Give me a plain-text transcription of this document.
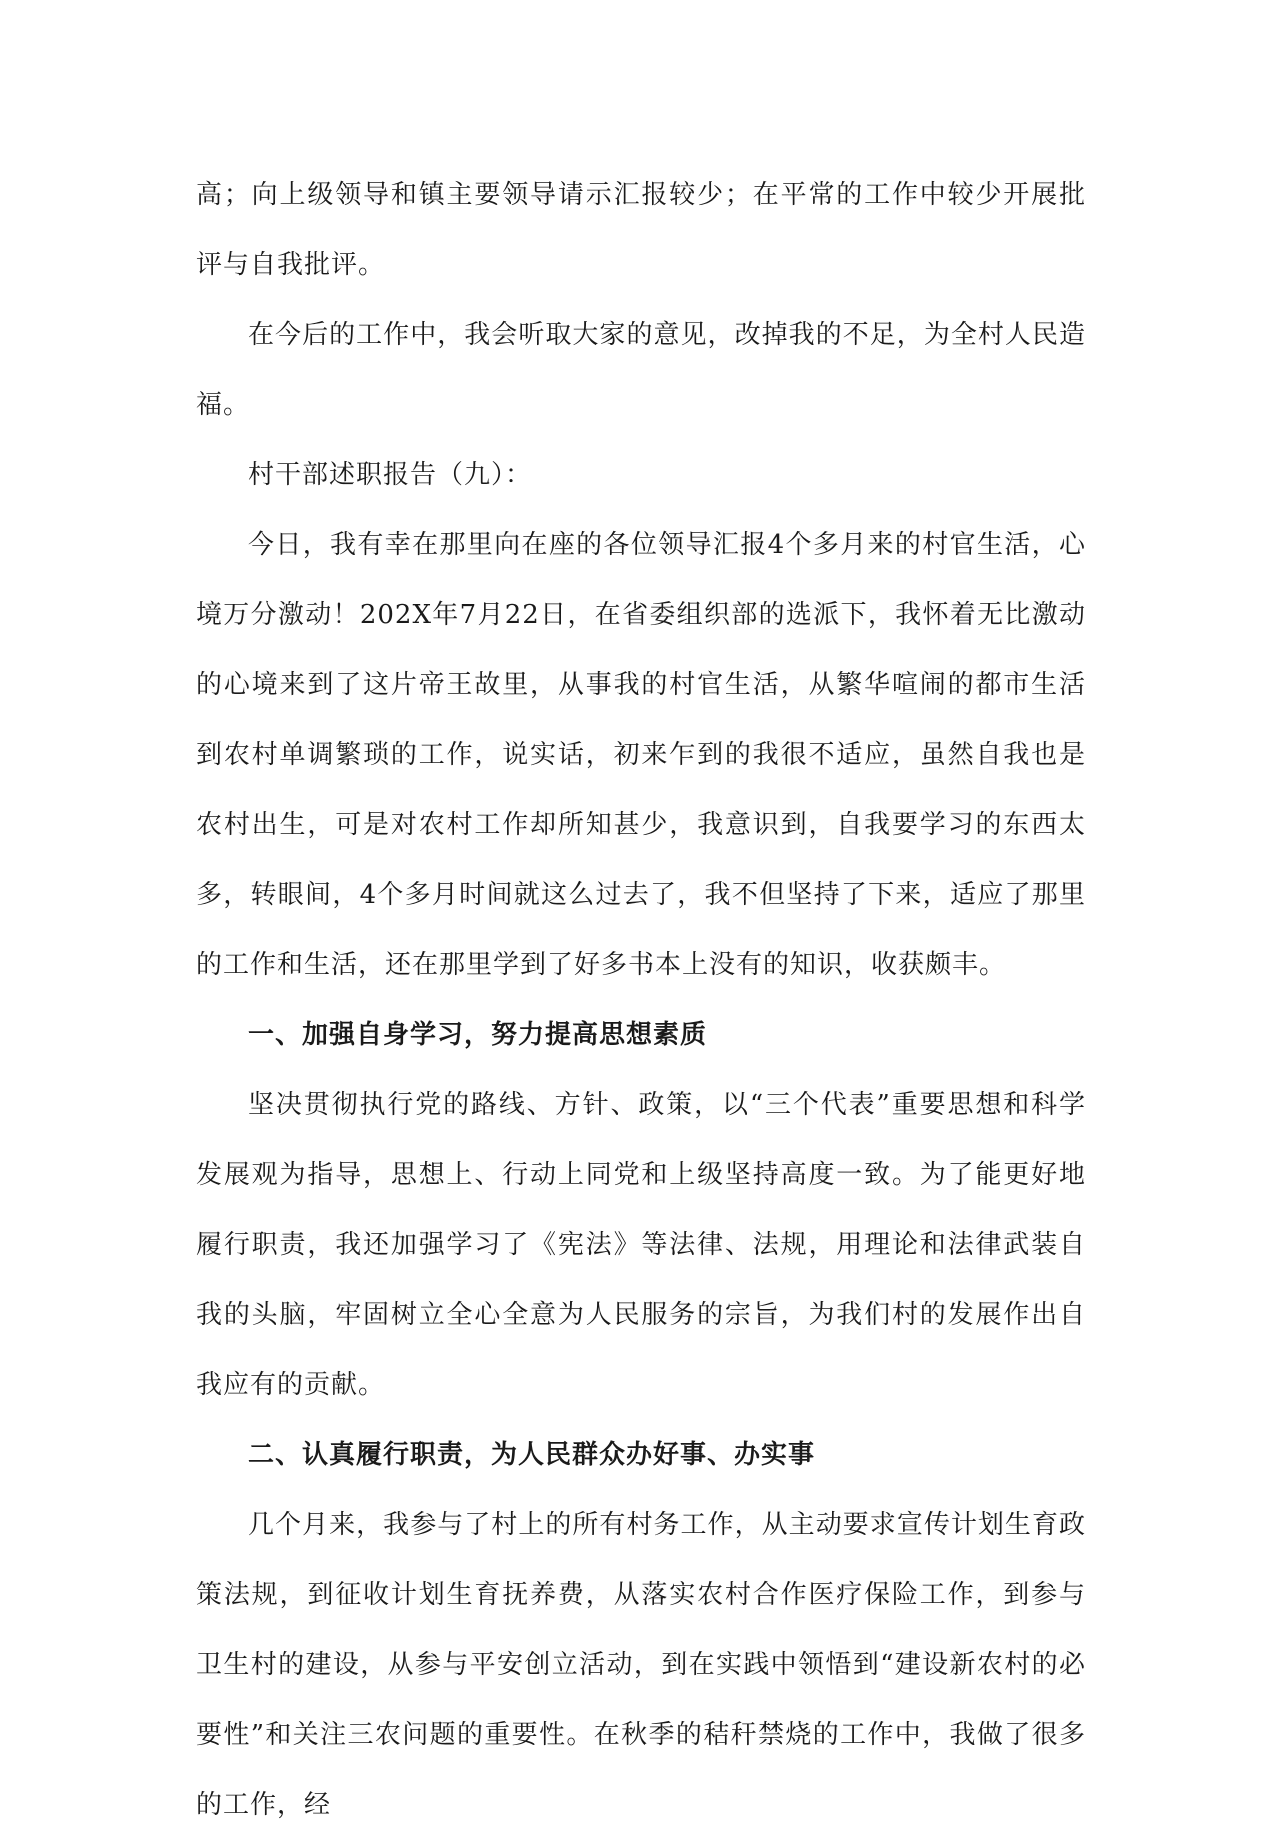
高；向上级领导和镇主要领导请示汇报较少；在平常的工作中较少开展批评与自我批评。

在今后的工作中，我会听取大家的意见，改掉我的不足，为全村人民造福。

村干部述职报告（九）：

今日，我有幸在那里向在座的各位领导汇报4个多月来的村官生活，心境万分激动！202X年7月22日，在省委组织部的选派下，我怀着无比激动的心境来到了这片帝王故里，从事我的村官生活，从繁华喧闹的都市生活到农村单调繁琐的工作，说实话，初来乍到的我很不适应，虽然自我也是农村出生，可是对农村工作却所知甚少，我意识到，自我要学习的东西太多，转眼间，4个多月时间就这么过去了，我不但坚持了下来，适应了那里的工作和生活，还在那里学到了好多书本上没有的知识，收获颇丰。

一、加强自身学习，努力提高思想素质

坚决贯彻执行党的路线、方针、政策，以“三个代表”重要思想和科学发展观为指导，思想上、行动上同党和上级坚持高度一致。为了能更好地履行职责，我还加强学习了《宪法》等法律、法规，用理论和法律武装自我的头脑，牢固树立全心全意为人民服务的宗旨，为我们村的发展作出自我应有的贡献。

二、认真履行职责，为人民群众办好事、办实事

几个月来，我参与了村上的所有村务工作，从主动要求宣传计划生育政策法规，到征收计划生育抚养费，从落实农村合作医疗保险工作，到参与卫生村的建设，从参与平安创立活动，到在实践中领悟到“建设新农村的必要性”和关注三农问题的重要性。在秋季的秸秆禁烧的工作中，我做了很多的工作，经
